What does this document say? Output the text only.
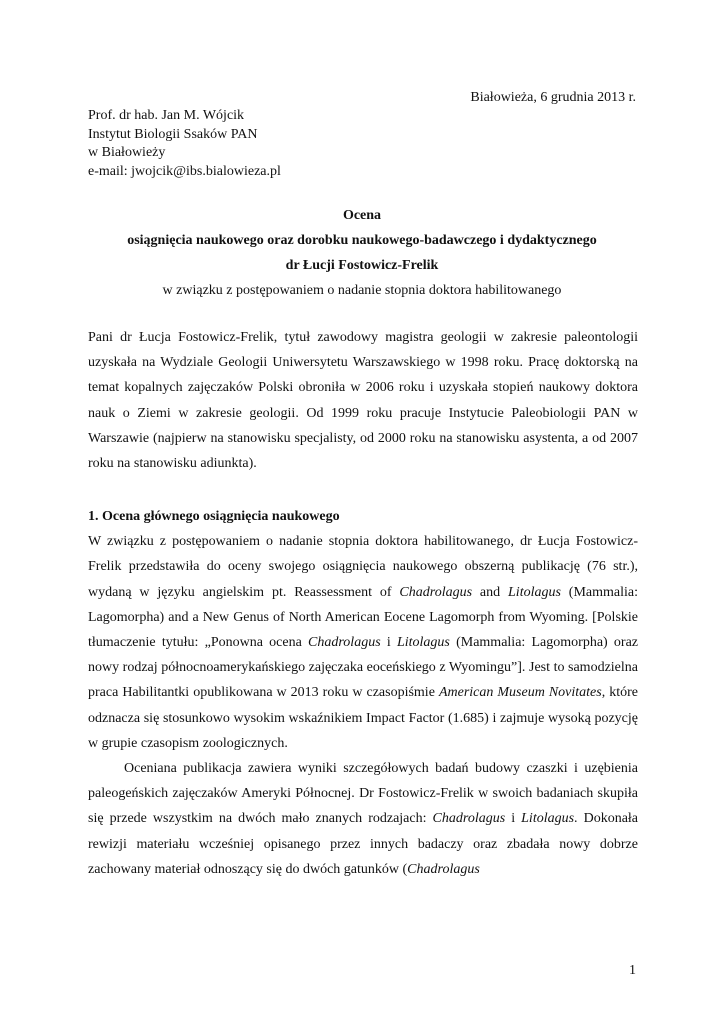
Białowieża, 6 grudnia 2013 r.
Prof. dr hab. Jan M. Wójcik
Instytut Biologii Ssaków PAN
w Białowieży
e-mail: jwojcik@ibs.bialowieza.pl
Ocena
osiągnięcia naukowego oraz dorobku naukowego-badawczego i dydaktycznego
dr Łucji Fostowicz-Frelik
w związku z postępowaniem o nadanie stopnia doktora habilitowanego

Pani dr Łucja Fostowicz-Frelik, tytuł zawodowy magistra geologii w zakresie paleontologii uzyskała na Wydziale Geologii Uniwersytetu Warszawskiego w 1998 roku. Pracę doktorską na temat kopalnych zajęczaków Polski obroniła w 2006 roku i uzyskała stopień naukowy doktora nauk o Ziemi w zakresie geologii. Od 1999 roku pracuje Instytucie Paleobiologii PAN w Warszawie (najpierw na stanowisku specjalisty, od 2000 roku na stanowisku asystenta, a od 2007 roku na stanowisku adiunkta).

1. Ocena głównego osiągnięcia naukowego

W związku z postępowaniem o nadanie stopnia doktora habilitowanego, dr Łucja Fostowicz-Frelik przedstawiła do oceny swojego osiągnięcia naukowego obszerną publikację (76 str.), wydaną w języku angielskim pt. Reassessment of Chadrolagus and Litolagus (Mammalia: Lagomorpha) and a New Genus of North American Eocene Lagomorph from Wyoming. [Polskie tłumaczenie tytułu: „Ponowna ocena Chadrolagus i Litolagus (Mammalia: Lagomorpha) oraz nowy rodzaj północnoamerykańskiego zajęczaka eoceńskiego z Wyomingu”]. Jest to samodzielna praca Habilitantki opublikowana w 2013 roku w czasopiśmie American Museum Novitates, które odznacza się stosunkowo wysokim wskaźnikiem Impact Factor (1.685) i zajmuje wysoką pozycję w grupie czasopism zoologicznych.

Oceniana publikacja zawiera wyniki szczegółowych badań budowy czaszki i uzębienia paleogeńskich zajęczaków Ameryki Północnej. Dr Fostowicz-Frelik w swoich badaniach skupiła się przede wszystkim na dwóch mało znanych rodzajach: Chadrolagus i Litolagus. Dokonała rewizji materiału wcześniej opisanego przez innych badaczy oraz zbadała nowy dobrze zachowany materiał odnoszący się do dwóch gatunków (Chadrolagus

1
